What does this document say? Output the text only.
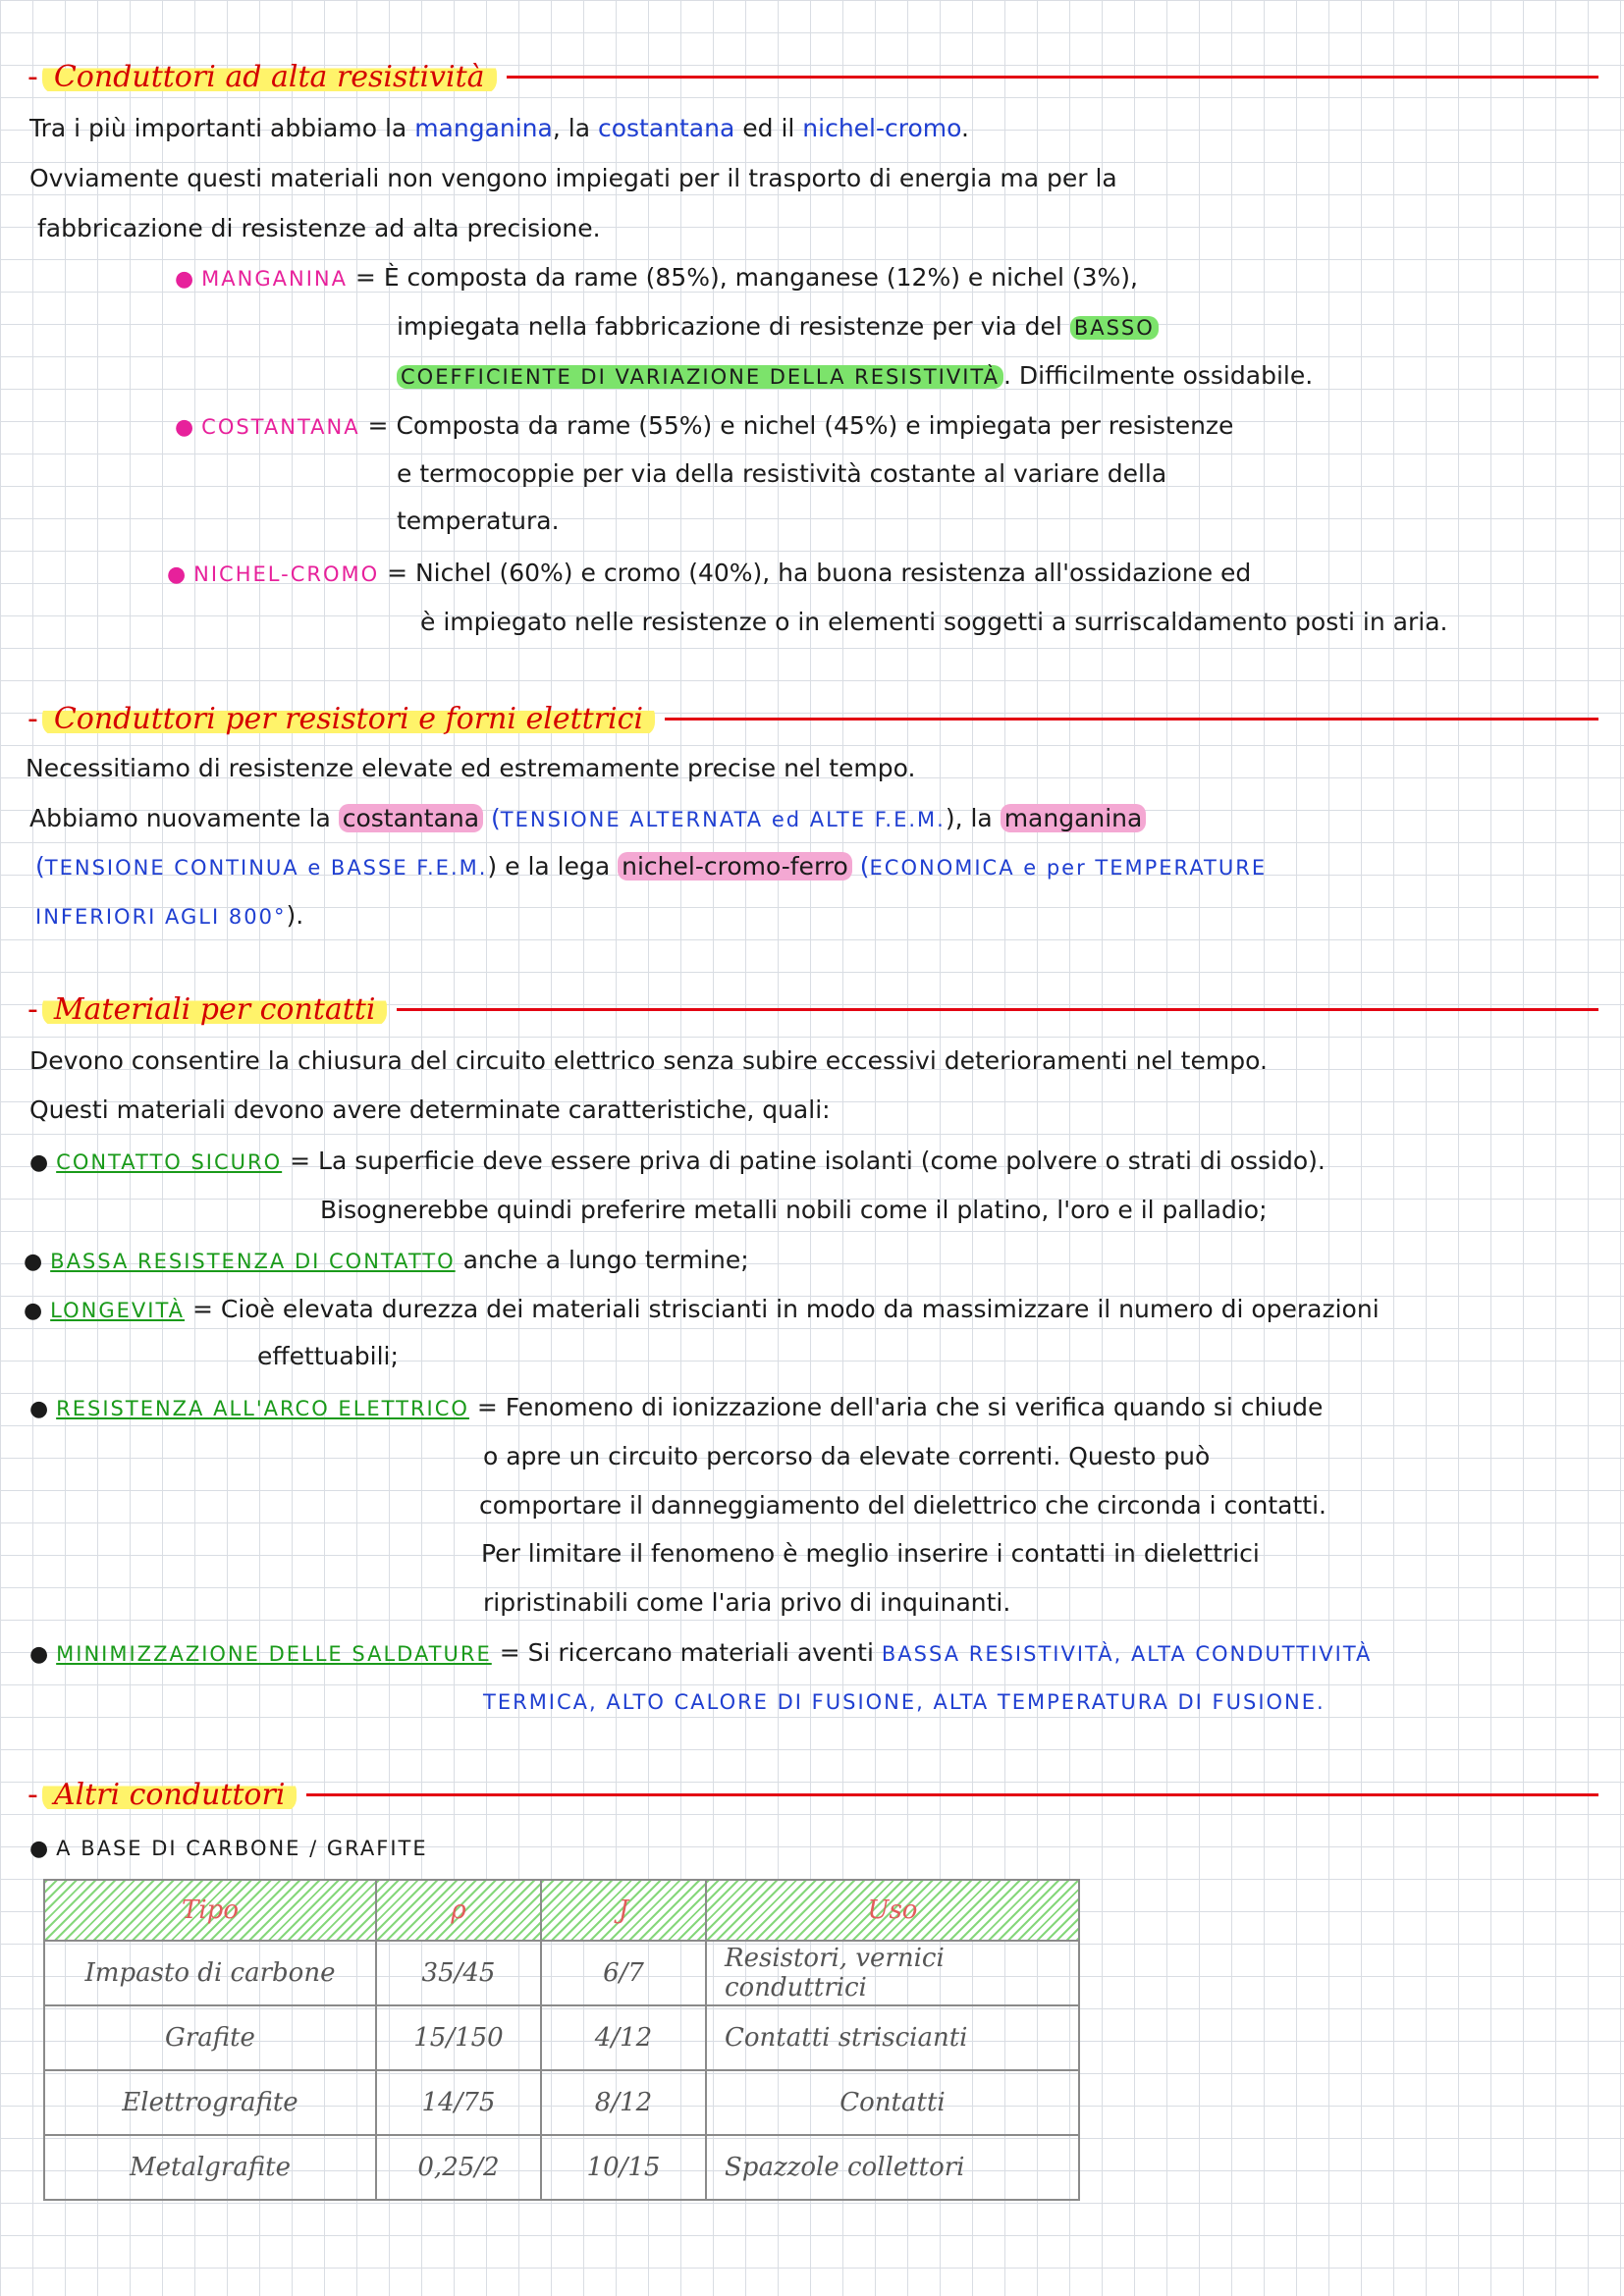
- Conduttori ad alta resistività
Tra i più importanti abbiamo la manganina, la costantana ed il nichel-cromo.
Ovviamente questi materiali non vengono impiegati per il trasporto di energia ma per la
fabbricazione di resistenze ad alta precisione.
● MANGANINA = È composta da rame (85%), manganese (12%) e nichel (3%),
impiegata nella fabbricazione di resistenze per via del BASSO
COEFFICIENTE DI VARIAZIONE DELLA RESISTIVITÀ . Difficilmente ossidabile.
● COSTANTANA = Composta da rame (55%) e nichel (45%) e impiegata per resistenze
e termocoppie per via della resistività costante al variare della
temperatura.
● NICHEL-CROMO = Nichel (60%) e cromo (40%), ha buona resistenza all'ossidazione ed
è impiegato nelle resistenze o in elementi soggetti a surriscaldamento posti in aria.
- Conduttori per resistori e forni elettrici
Necessitiamo di resistenze elevate ed estremamente precise nel tempo.
Abbiamo nuovamente la costantana (TENSIONE ALTERNATA ed ALTE F.E.M.), la manganina
(TENSIONE CONTINUA e BASSE F.E.M.) e la lega nichel-cromo-ferro (ECONOMICA e per TEMPERATURE
INFERIORI AGLI 800°).
- Materiali per contatti
Devono consentire la chiusura del circuito elettrico senza subire eccessivi deterioramenti nel tempo.
Questi materiali devono avere determinate caratteristiche, quali:
● CONTATTO SICURO = La superficie deve essere priva di patine isolanti (come polvere o strati di ossido).
Bisognerebbe quindi preferire metalli nobili come il platino, l'oro e il palladio;
● BASSA RESISTENZA DI CONTATTO anche a lungo termine;
● LONGEVITÀ = Cioè elevata durezza dei materiali striscianti in modo da massimizzare il numero di operazioni
effettuabili;
● RESISTENZA ALL'ARCO ELETTRICO = Fenomeno di ionizzazione dell'aria che si verifica quando si chiude
o apre un circuito percorso da elevate correnti. Questo può
comportare il danneggiamento del dielettrico che circonda i contatti.
Per limitare il fenomeno è meglio inserire i contatti in dielettrici
ripristinabili come l'aria privo di inquinanti.
● MINIMIZZAZIONE DELLE SALDATURE = Si ricercano materiali aventi BASSA RESISTIVITÀ, ALTA CONDUTTIVITÀ
TERMICA, ALTO CALORE DI FUSIONE, ALTA TEMPERATURA DI FUSIONE.
- Altri conduttori
● A BASE DI CARBONE / GRAFITE
Tipo	ρ	J	Uso
Impasto di carbone	35/45	6/7	Resistori, vernici conduttrici
Grafite	15/150	4/12	Contatti striscianti
Elettrografite	14/75	8/12	Contatti
Metalgrafite	0,25/2	10/15	Spazzole collettori
